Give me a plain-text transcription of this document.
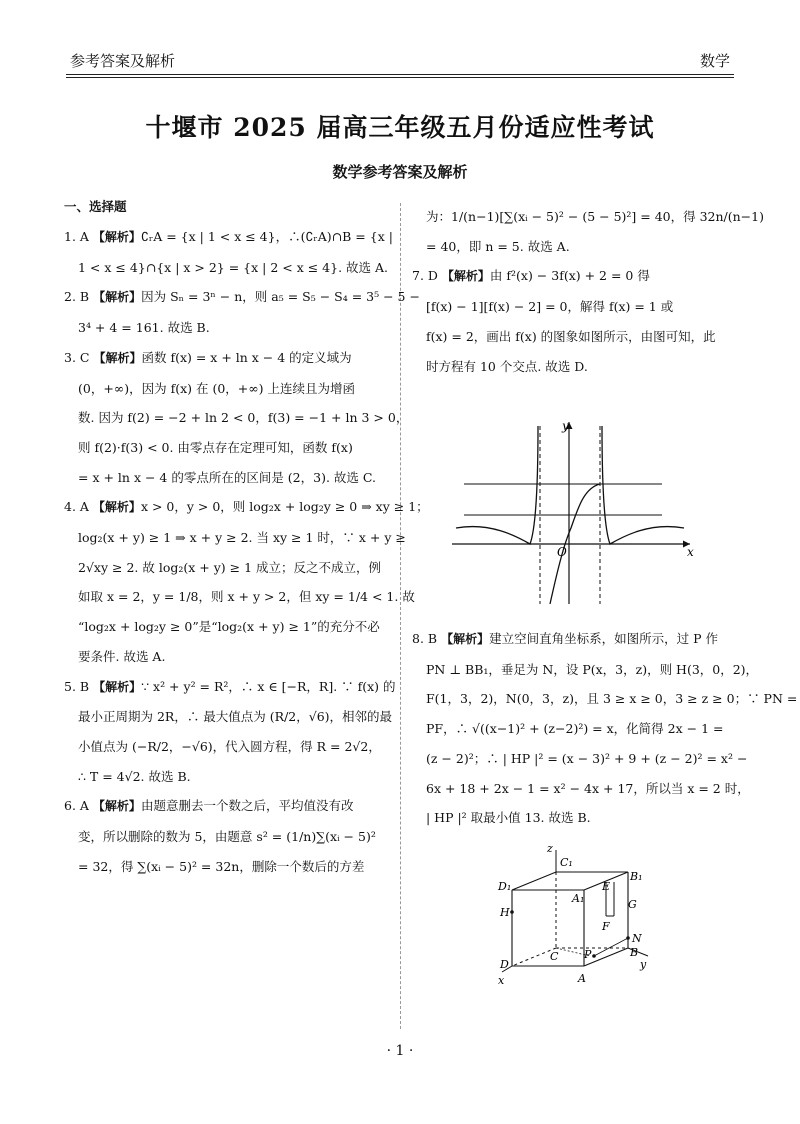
参考答案及解析	数学
十堰市 2025 届高三年级五月份适应性考试
数学参考答案及解析
一、选择题
1. A 【解析】∁ᵣA = {x | 1 < x ≤ 4}，∴(∁ᵣA)∩B = {x |
1 < x ≤ 4}∩{x | x > 2} = {x | 2 < x ≤ 4}. 故选 A.
2. B 【解析】因为 Sₙ = 3ⁿ − n，则 a₅ = S₅ − S₄ = 3⁵ − 5 −
3⁴ + 4 = 161. 故选 B.
3. C 【解析】函数 f(x) = x + ln x − 4 的定义域为
(0，+∞)，因为 f(x) 在 (0，+∞) 上连续且为增函
数. 因为 f(2) = −2 + ln 2 < 0，f(3) = −1 + ln 3 > 0，
则 f(2)·f(3) < 0. 由零点存在定理可知，函数 f(x)
= x + ln x − 4 的零点所在的区间是 (2，3). 故选 C.
4. A 【解析】x > 0，y > 0，则 log₂x + log₂y ≥ 0 ⇒ xy ≥ 1；
log₂(x + y) ≥ 1 ⇒ x + y ≥ 2. 当 xy ≥ 1 时，∵ x + y ≥
2√xy ≥ 2. 故 log₂(x + y) ≥ 1 成立；反之不成立，例
如取 x = 2，y = 1/8，则 x + y > 2，但 xy = 1/4 < 1. 故
“log₂x + log₂y ≥ 0”是“log₂(x + y) ≥ 1”的充分不必
要条件. 故选 A.
5. B 【解析】∵ x² + y² = R²，∴ x ∈ [−R，R]. ∵ f(x) 的
最小正周期为 2R，∴ 最大值点为 (R/2，√6)，相邻的最
小值点为 (−R/2，−√6)，代入圆方程，得 R = 2√2，
∴ T = 4√2. 故选 B.
6. A 【解析】由题意删去一个数之后，平均值没有改
变，所以删除的数为 5，由题意 s² = (1/n)∑(xᵢ − 5)²
= 32，得 ∑(xᵢ − 5)² = 32n，删除一个数后的方差
为：1/(n−1)[∑(xᵢ − 5)² − (5 − 5)²] = 40，得 32n/(n−1)
= 40，即 n = 5. 故选 A.
7. D 【解析】由 f²(x) − 3f(x) + 2 = 0 得
[f(x) − 1][f(x) − 2] = 0，解得 f(x) = 1 或
f(x) = 2，画出 f(x) 的图象如图所示，由图可知，此
时方程有 10 个交点. 故选 D.
8. B 【解析】建立空间直角坐标系，如图所示，过 P 作
PN ⊥ BB₁，垂足为 N，设 P(x，3，z)，则 H(3，0，2)，
F(1，3，2)，N(0，3，z)，且 3 ≥ x ≥ 0，3 ≥ z ≥ 0；∵ PN =
PF，∴ √((x−1)² + (z−2)²) = x，化简得 2x − 1 =
(z − 2)²；∴ | HP |² = (x − 3)² + 9 + (z − 2)² = x² −
6x + 18 + 2x − 1 = x² − 4x + 17，所以当 x = 2 时，
| HP |² 取最小值 13. 故选 B.
y
x
O
z
C₁
D₁
A₁
B₁
E
H
G
F
N
C P
D
B
x	A
y
· 1 ·
